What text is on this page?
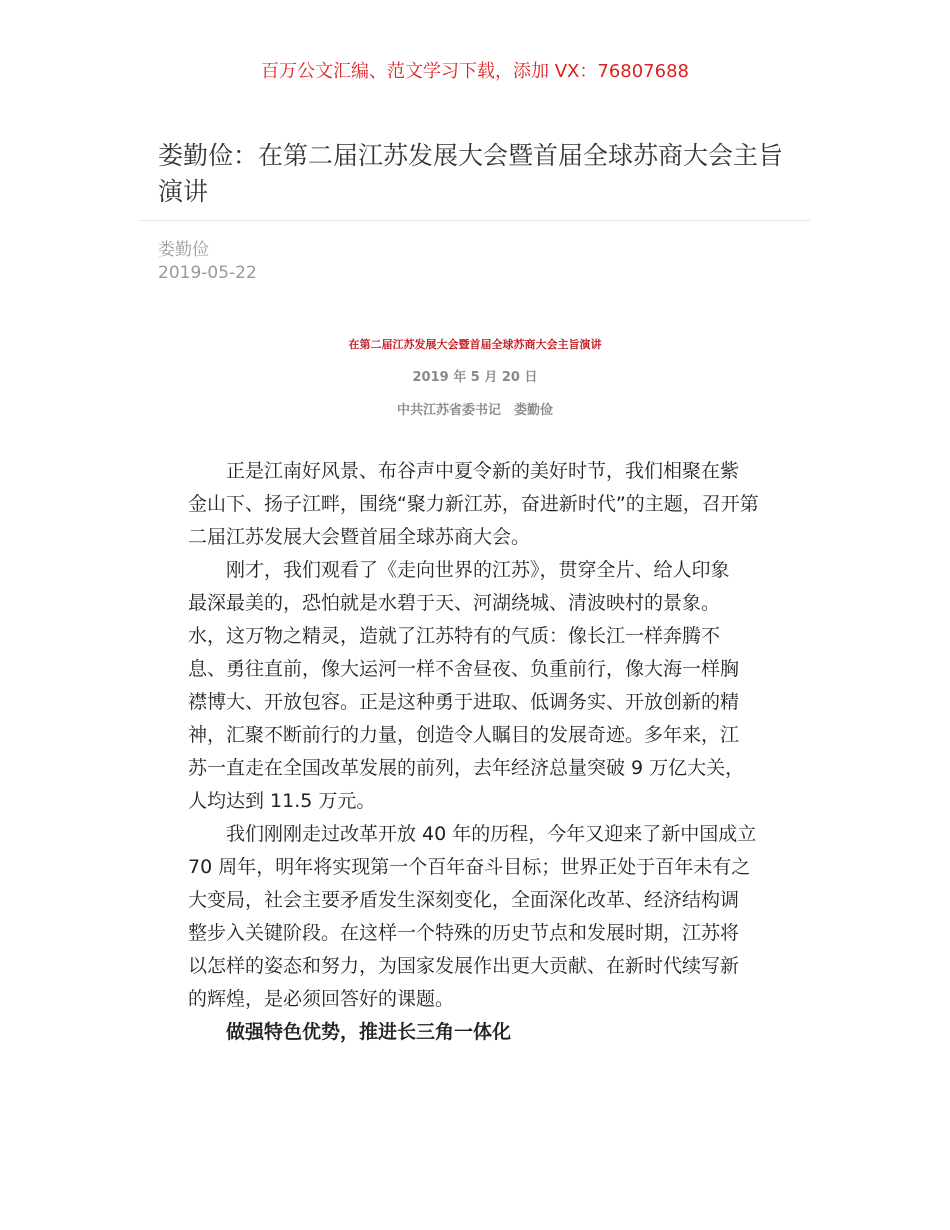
百万公文汇编、范文学习下载，添加 VX：76807688
娄勤俭：在第二届江苏发展大会暨首届全球苏商大会主旨演讲
娄勤俭
2019-05-22
在第二届江苏发展大会暨首届全球苏商大会主旨演讲
2019 年 5 月 20 日
中共江苏省委书记　娄勤俭
　　正是江南好风景、布谷声中夏令新的美好时节，我们相聚在紫
金山下、扬子江畔，围绕“聚力新江苏，奋进新时代”的主题，召开第
二届江苏发展大会暨首届全球苏商大会。
　　刚才，我们观看了《走向世界的江苏》，贯穿全片、给人印象
最深最美的，恐怕就是水碧于天、河湖绕城、清波映村的景象。
水，这万物之精灵，造就了江苏特有的气质：像长江一样奔腾不
息、勇往直前，像大运河一样不舍昼夜、负重前行，像大海一样胸
襟博大、开放包容。正是这种勇于进取、低调务实、开放创新的精
神，汇聚不断前行的力量，创造令人瞩目的发展奇迹。多年来，江
苏一直走在全国改革发展的前列，去年经济总量突破 9 万亿大关，
人均达到 11.5 万元。
　　我们刚刚走过改革开放 40 年的历程，今年又迎来了新中国成立
70 周年，明年将实现第一个百年奋斗目标；世界正处于百年未有之
大变局，社会主要矛盾发生深刻变化，全面深化改革、经济结构调
整步入关键阶段。在这样一个特殊的历史节点和发展时期，江苏将
以怎样的姿态和努力，为国家发展作出更大贡献、在新时代续写新
的辉煌，是必须回答好的课题。
　　做强特色优势，推进长三角一体化
